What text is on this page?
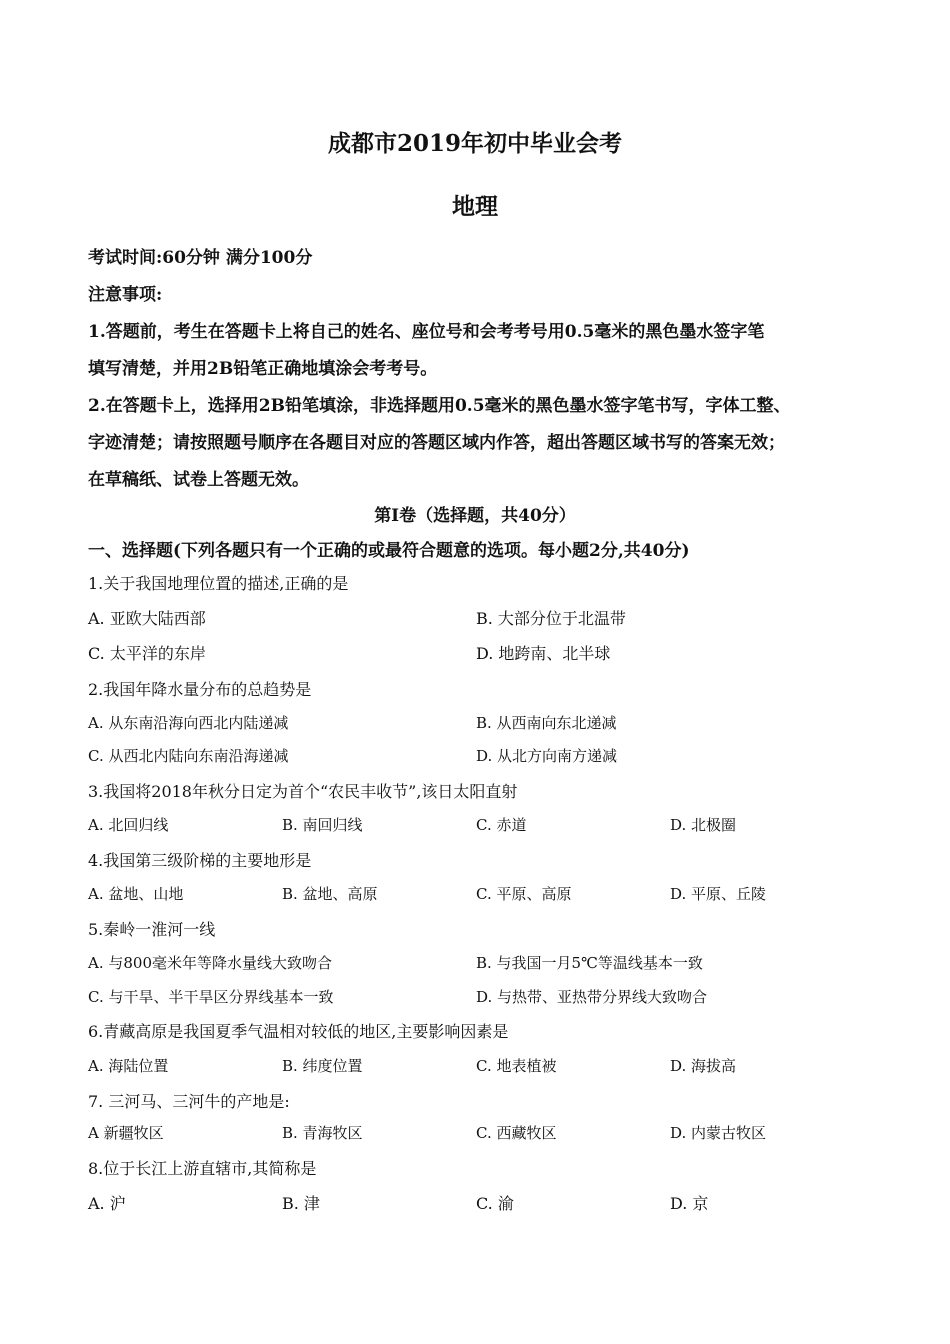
成都市2019年初中毕业会考
地理
考试时间:60分钟 满分100分
注意事项:
1.答题前，考生在答题卡上将自己的姓名、座位号和会考考号用0.5毫米的黑色墨水签字笔
填写清楚，并用2B铅笔正确地填涂会考考号。
2.在答题卡上，选择用2B铅笔填涂，非选择题用0.5毫米的黑色墨水签字笔书写，字体工整、
字迹清楚；请按照题号顺序在各题目对应的答题区域内作答，超出答题区域书写的答案无效；
在草稿纸、试卷上答题无效。
第Ⅰ卷（选择题，共40分）
一、选择题(下列各题只有一个正确的或最符合题意的选项。每小题2分,共40分)
1.关于我国地理位置的描述,正确的是
A. 亚欧大陆西部	B. 大部分位于北温带
C. 太平洋的东岸	D. 地跨南、北半球
2.我国年降水量分布的总趋势是
A. 从东南沿海向西北内陆递减	B. 从西南向东北递减
C. 从西北内陆向东南沿海递减	D. 从北方向南方递减
3.我国将2018年秋分日定为首个“农民丰收节”,该日太阳直射
A. 北回归线	B. 南回归线	C. 赤道	D. 北极圈
4.我国第三级阶梯的主要地形是
A. 盆地、山地	B. 盆地、高原	C. 平原、高原	D. 平原、丘陵
5.秦岭一淮河一线
A. 与800毫米年等降水量线大致吻合	B. 与我国一月5℃等温线基本一致
C. 与干旱、半干旱区分界线基本一致	D. 与热带、亚热带分界线大致吻合
6.青藏高原是我国夏季气温相对较低的地区,主要影响因素是
A. 海陆位置	B. 纬度位置	C. 地表植被	D. 海拔高
7. 三河马、三河牛的产地是:
A 新疆牧区	B. 青海牧区	C. 西藏牧区	D. 内蒙古牧区
8.位于长江上游直辖市,其简称是
A. 沪	B. 津	C. 渝	D. 京
